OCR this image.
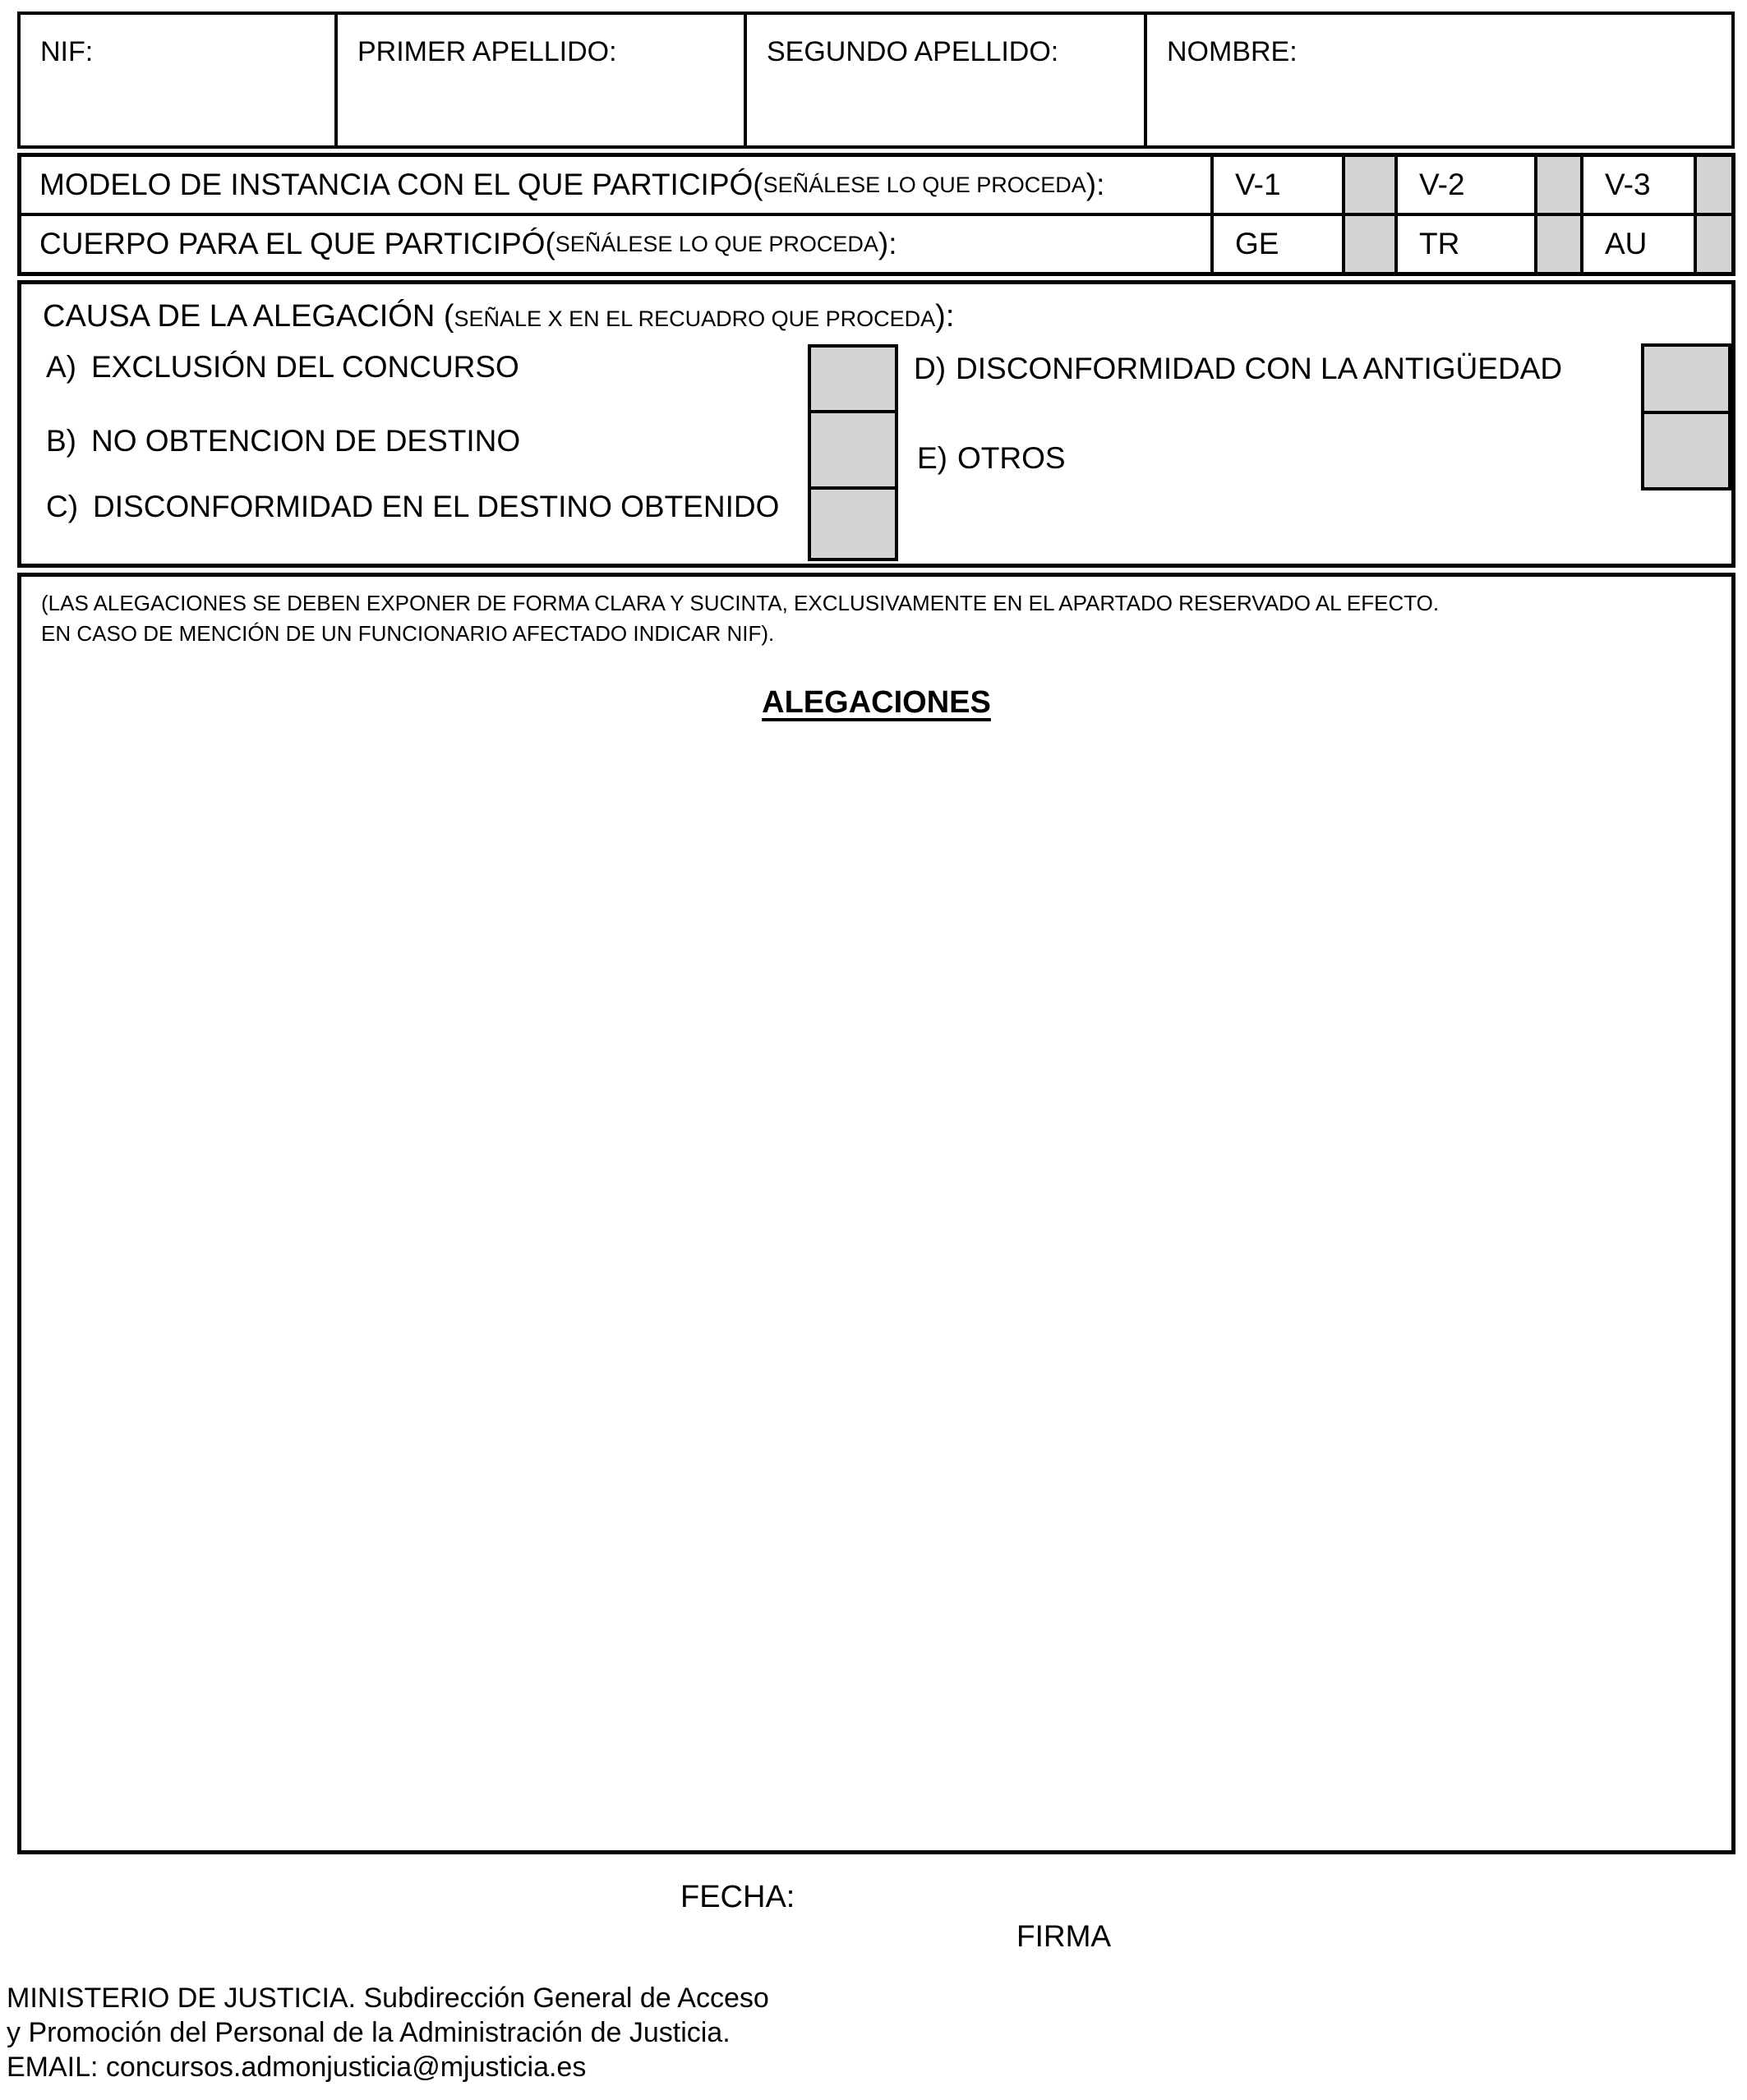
NIF:	PRIMER APELLIDO:	SEGUNDO APELLIDO:	NOMBRE:
MODELO DE INSTANCIA CON EL QUE PARTICIPÓ ( SEÑÁLESE LO QUE PROCEDA ):	V-1	V-2	V-3
CUERPO PARA EL QUE PARTICIPÓ ( SEÑÁLESE LO QUE PROCEDA ):	GE	TR	AU
CAUSA DE LA ALEGACIÓN (SEÑALE X EN EL RECUADRO QUE PROCEDA):
A) EXCLUSIÓN DEL CONCURSO
B) NO OBTENCION DE DESTINO
C) DISCONFORMIDAD EN EL DESTINO OBTENIDO
D) DISCONFORMIDAD CON LA ANTIGÜEDAD
E) OTROS
(LAS ALEGACIONES SE DEBEN EXPONER DE FORMA CLARA Y SUCINTA, EXCLUSIVAMENTE EN EL APARTADO RESERVADO AL EFECTO.
EN CASO DE MENCIÓN DE UN FUNCIONARIO AFECTADO INDICAR NIF).
ALEGACIONES
FECHA:
FIRMA
MINISTERIO DE JUSTICIA. Subdirección General de Acceso
y Promoción del Personal de la Administración de Justicia.
EMAIL: concursos.admonjusticia@mjusticia.es
